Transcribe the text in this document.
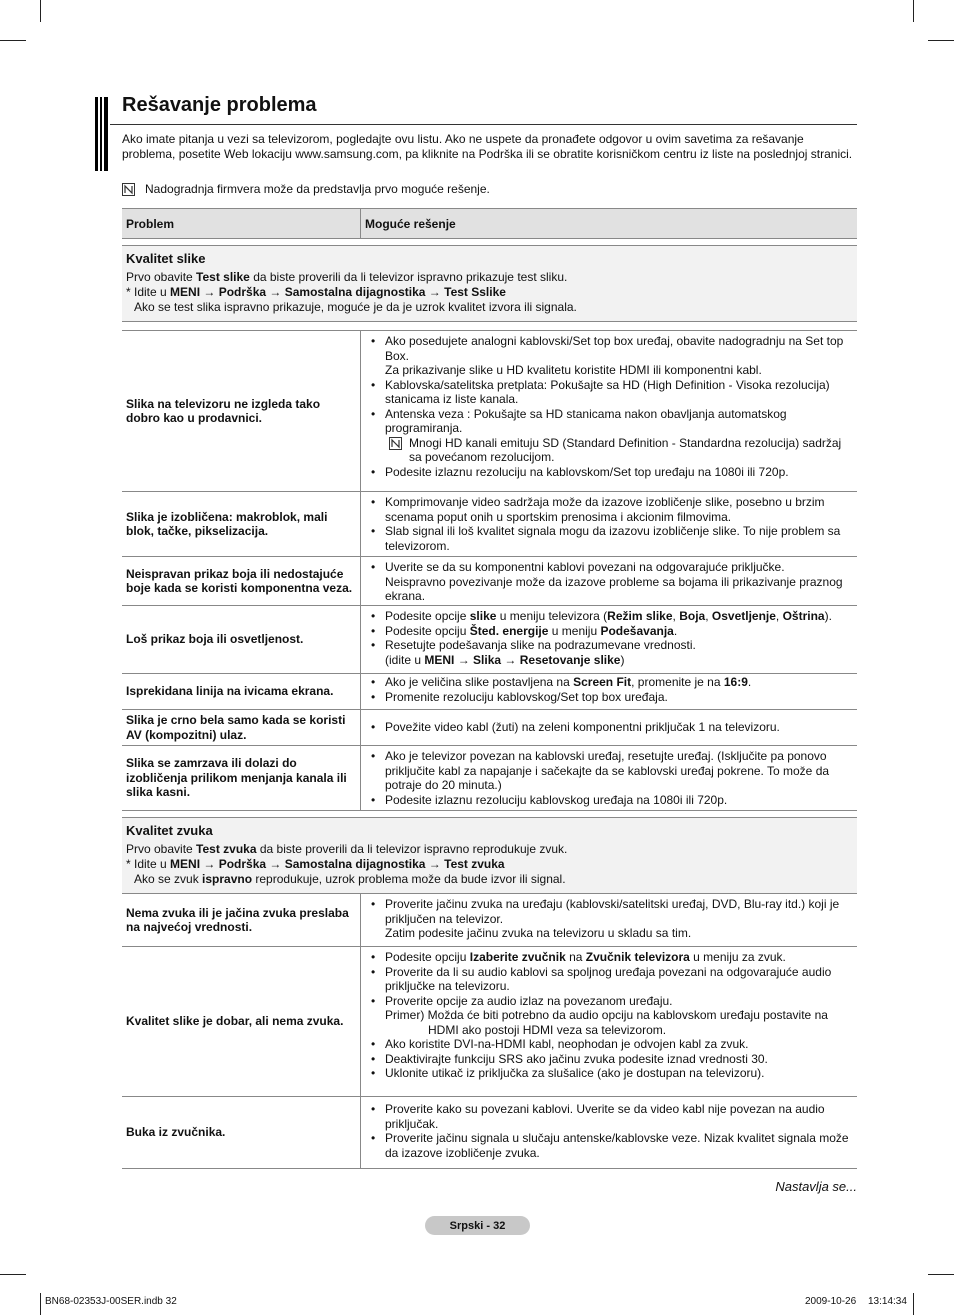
Rešavanje problema
Ako imate pitanja u vezi sa televizorom, pogledajte ovu listu. Ako ne uspete da pronađete odgovor u ovim savetima za rešavanje problema, posetite Web lokaciju www.samsung.com, pa kliknite na Podrška ili se obratite korisničkom centru iz liste na poslednjoj stranici.
Nadogradnja firmvera može da predstavlja prvo moguće rešenje.
Problem	Moguće rešenje
Kvalitet slike
Prvo obavite Test slike da biste proverili da li televizor ispravno prikazuje test sliku.
* Idite u MENI → Podrška → Samostalna dijagnostika → Test Sslike
Ako se test slika ispravno prikazuje, moguće je da je uzrok kvalitet izvora ili signala.
Slika na televizoru ne izgleda tako dobro kao u prodavnici.
• Ako posedujete analogni kablovski/Set top box uređaj, obavite nadogradnju na Set top Box.
Za prikazivanje slike u HD kvalitetu koristite HDMI ili komponentni kabl.
• Kablovska/satelitska pretplata: Pokušajte sa HD (High Definition - Visoka rezolucija) stanicama iz liste kanala.
• Antenska veza : Pokušajte sa HD stanicama nakon obavljanja automatskog programiranja.
Mnogi HD kanali emituju SD (Standard Definition - Standardna rezolucija) sadržaj sa povećanom rezolucijom.
• Podesite izlaznu rezoluciju na kablovskom/Set top uređaju na 1080i ili 720p.
Slika je izobličena: makroblok, mali blok, tačke, pikselizacija.
• Komprimovanje video sadržaja može da izazove izobličenje slike, posebno u brzim scenama poput onih u sportskim prenosima i akcionim filmovima.
• Slab signal ili loš kvalitet signala mogu da izazovu izobličenje slike. To nije problem sa televizorom.
Neispravan prikaz boja ili nedostajuće boje kada se koristi komponentna veza.
• Uverite se da su komponentni kablovi povezani na odgovarajuće priključke.
Neispravno povezivanje može da izazove probleme sa bojama ili prikazivanje praznog ekrana.
Loš prikaz boja ili osvetljenost.
• Podesite opcije slike u meniju televizora (Režim slike, Boja, Osvetljenje, Oštrina).
• Podesite opciju Šted. energije u meniju Podešavanja.
• Resetujte podešavanja slike na podrazumevane vrednosti.
(idite u MENI → Slika → Resetovanje slike)
Isprekidana linija na ivicama ekrana.
• Ako je veličina slike postavljena na Screen Fit, promenite je na 16:9.
• Promenite rezoluciju kablovskog/Set top box uređaja.
Slika je crno bela samo kada se koristi AV (kompozitni) ulaz.
• Povežite video kabl (žuti) na zeleni komponentni priključak 1 na televizoru.
Slika se zamrzava ili dolazi do izobličenja prilikom menjanja kanala ili slika kasni.
• Ako je televizor povezan na kablovski uređaj, resetujte uređaj. (Isključite pa ponovo priključite kabl za napajanje i sačekajte da se kablovski uređaj pokrene. To može da potraje do 20 minuta.)
• Podesite izlaznu rezoluciju kablovskog uređaja na 1080i ili 720p.
Kvalitet zvuka
Prvo obavite Test zvuka da biste proverili da li televizor ispravno reprodukuje zvuk.
* Idite u MENI → Podrška → Samostalna dijagnostika → Test zvuka
Ako se zvuk ispravno reprodukuje, uzrok problema može da bude izvor ili signal.
Nema zvuka ili je jačina zvuka preslaba na najvećoj vrednosti.
• Proverite jačinu zvuka na uređaju (kablovski/satelitski uređaj, DVD, Blu-ray itd.) koji je priključen na televizor.
Zatim podesite jačinu zvuka na televizoru u skladu sa tim.
Kvalitet slike je dobar, ali nema zvuka.
• Podesite opciju Izaberite zvučnik na Zvučnik televizora u meniju za zvuk.
• Proverite da li su audio kablovi sa spoljnog uređaja povezani na odgovarajuće audio priključke na televizoru.
• Proverite opcije za audio izlaz na povezanom uređaju.
Primer) Možda će biti potrebno da audio opciju na kablovskom uređaju postavite na
HDMI ako postoji HDMI veza sa televizorom.
• Ako koristite DVI-na-HDMI kabl, neophodan je odvojen kabl za zvuk.
• Deaktivirajte funkciju SRS ako jačinu zvuka podesite iznad vrednosti 30.
• Uklonite utikač iz priključka za slušalice (ako je dostupan na televizoru).
Buka iz zvučnika.
• Proverite kako su povezani kablovi. Uverite se da video kabl nije povezan na audio priključak.
• Proverite jačinu signala u slučaju antenske/kablovske veze. Nizak kvalitet signala može da izazove izobličenje zvuka.
Nastavlja se...
Srpski - 32
BN68-02353J-00SER.indb 32	2009-10-26 13:14:34
